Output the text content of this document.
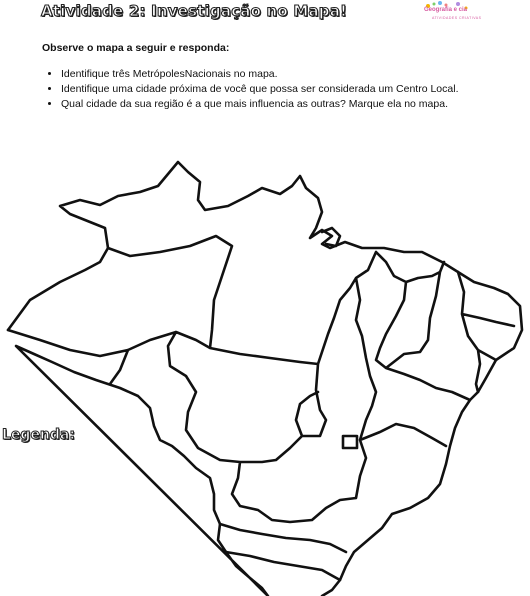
Atividade 2: Investigação no Mapa!	Geografia e cia
ATIVIDADES CRIATIVAS
Observe o mapa a seguir e responda:
• Identifique três MetrópolesNacionais no mapa.
• Identifique uma cidade próxima de você que possa ser considerada um Centro Local.
• Qual cidade da sua região é a que mais influencia as outras? Marque ela no mapa.
Legenda:
